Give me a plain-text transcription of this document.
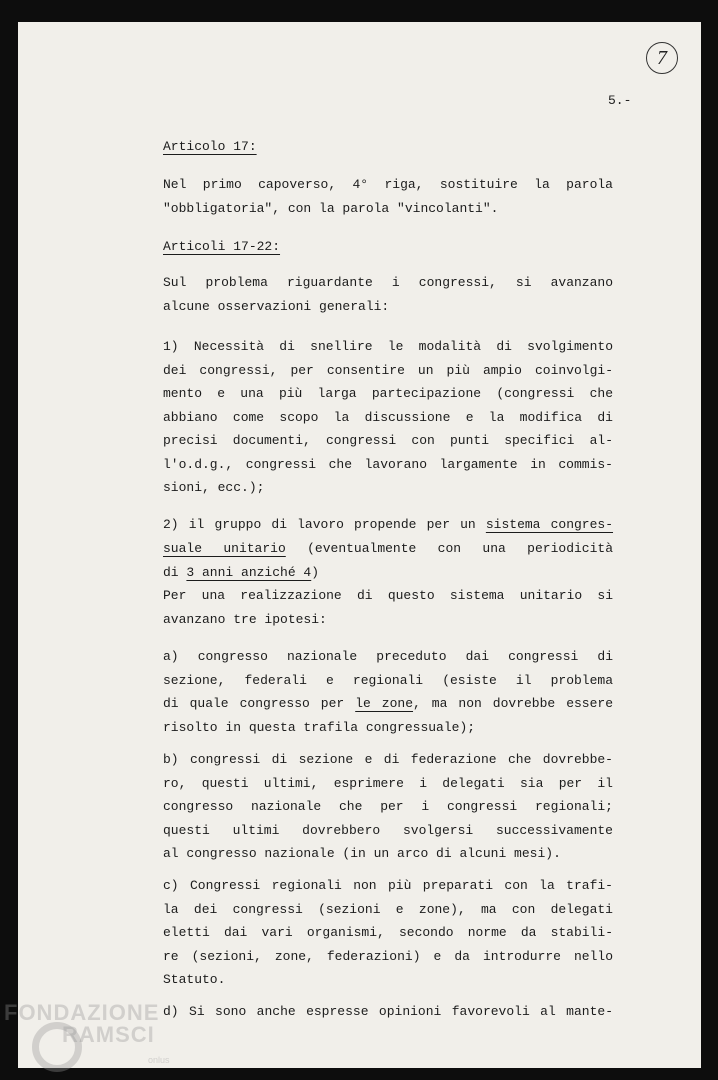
7
5.-
Articolo 17:
Nel primo capoverso, 4° riga, sostituire la parola
"obbligatoria", con la parola "vincolanti".
Articoli 17-22:
Sul problema riguardante i congressi, si avanzano
alcune osservazioni generali:
1) Necessità di snellire le modalità di svolgimento
dei congressi, per consentire un più ampio coinvolgi-
mento e una più larga partecipazione (congressi che
abbiano come scopo la discussione e la modifica di
precisi documenti, congressi con punti specifici al-
l'o.d.g., congressi che lavorano largamente in commis-
sioni, ecc.);
2) il gruppo di lavoro propende per un sistema congres-
suale unitario (eventualmente con una periodicità
di 3 anni anziché 4)
Per una realizzazione di questo sistema unitario si
avanzano tre ipotesi:
a) congresso nazionale preceduto dai congressi di
sezione, federali e regionali (esiste il problema
di quale congresso per le zone, ma non dovrebbe essere
risolto in questa trafila congressuale);
b) congressi di sezione e di federazione che dovrebbe-
ro, questi ultimi, esprimere i delegati sia per il
congresso nazionale che per i congressi regionali;
questi ultimi dovrebbero svolgersi successivamente
al congresso nazionale (in un arco di alcuni mesi).
c) Congressi regionali non più preparati con la trafi-
la dei congressi (sezioni e zone), ma con delegati
eletti dai vari organismi, secondo norme da stabili-
re (sezioni, zone, federazioni) e da introdurre nello
Statuto.
d) Si sono anche espresse opinioni favorevoli al mante-
FONDAZIONE
RAMSCI
onlus
